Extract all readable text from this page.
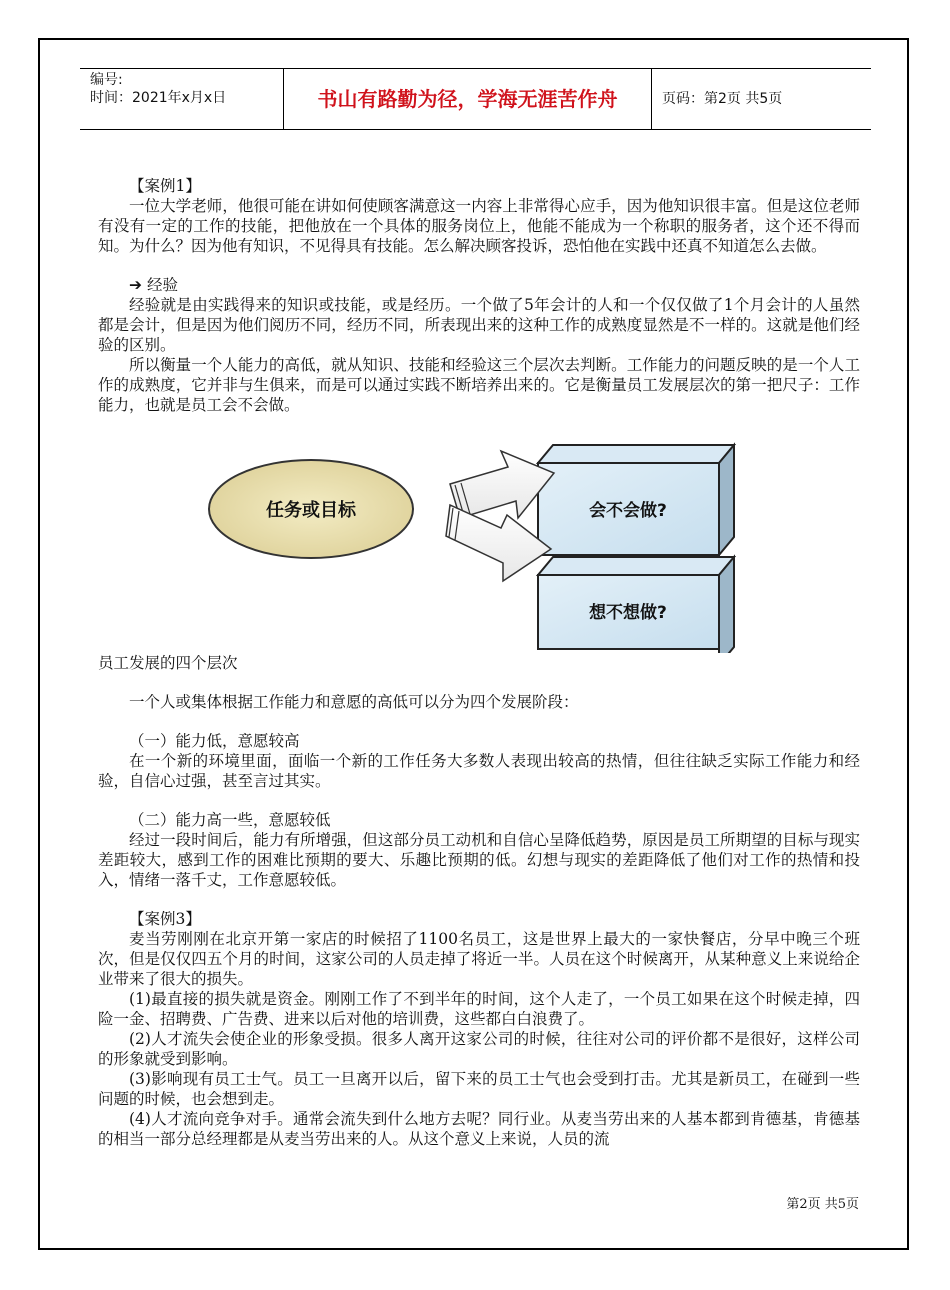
编号:
时间：2021年x月x日	书山有路勤为径，学海无涯苦作舟	页码：第2页 共5页

【案例1】

一位大学老师，他很可能在讲如何使顾客满意这一内容上非常得心应手，因为他知识很丰富。但是这位老师有没有一定的工作的技能，把他放在一个具体的服务岗位上，他能不能成为一个称职的服务者，这个还不得而知。为什么？因为他有知识，不见得具有技能。怎么解决顾客投诉，恐怕他在实践中还真不知道怎么去做。

➔ 经验

经验就是由实践得来的知识或技能，或是经历。一个做了5年会计的人和一个仅仅做了1个月会计的人虽然都是会计，但是因为他们阅历不同，经历不同，所表现出来的这种工作的成熟度显然是不一样的。这就是他们经验的区别。

所以衡量一个人能力的高低，就从知识、技能和经验这三个层次去判断。工作能力的问题反映的是一个人工作的成熟度，它并非与生俱来，而是可以通过实践不断培养出来的。它是衡量员工发展层次的第一把尺子：工作能力，也就是员工会不会做。

任务或目标	会不会做?
想不想做?

员工发展的四个层次

一个人或集体根据工作能力和意愿的高低可以分为四个发展阶段：

（一）能力低，意愿较高

在一个新的环境里面，面临一个新的工作任务大多数人表现出较高的热情，但往往缺乏实际工作能力和经验，自信心过强，甚至言过其实。

（二）能力高一些，意愿较低

经过一段时间后，能力有所增强，但这部分员工动机和自信心呈降低趋势，原因是员工所期望的目标与现实差距较大，感到工作的困难比预期的要大、乐趣比预期的低。幻想与现实的差距降低了他们对工作的热情和投入，情绪一落千丈，工作意愿较低。

【案例3】

麦当劳刚刚在北京开第一家店的时候招了1100名员工，这是世界上最大的一家快餐店，分早中晚三个班次，但是仅仅四五个月的时间，这家公司的人员走掉了将近一半。人员在这个时候离开，从某种意义上来说给企业带来了很大的损失。

(1)最直接的损失就是资金。刚刚工作了不到半年的时间，这个人走了，一个员工如果在这个时候走掉，四险一金、招聘费、广告费、进来以后对他的培训费，这些都白白浪费了。

(2)人才流失会使企业的形象受损。很多人离开这家公司的时候，往往对公司的评价都不是很好，这样公司的形象就受到影响。

(3)影响现有员工士气。员工一旦离开以后，留下来的员工士气也会受到打击。尤其是新员工，在碰到一些问题的时候，也会想到走。

(4)人才流向竞争对手。通常会流失到什么地方去呢？同行业。从麦当劳出来的人基本都到肯德基，肯德基的相当一部分总经理都是从麦当劳出来的人。从这个意义上来说，人员的流

第2页 共5页
